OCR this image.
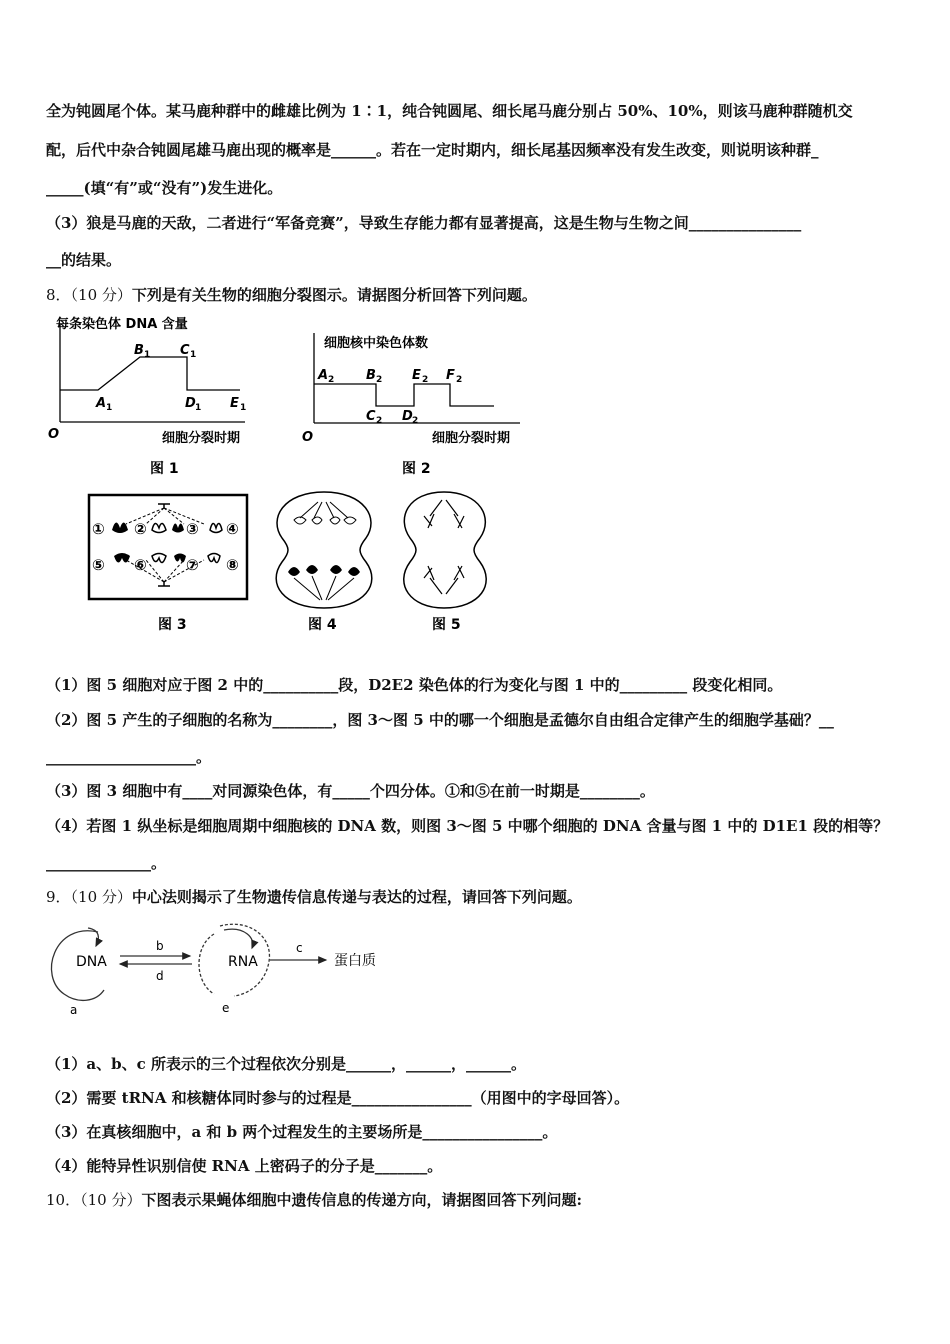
全为钝圆尾个体。某马鹿种群中的雌雄比例为 1∶1，纯合钝圆尾、细长尾马鹿分别占 50%、10%，则该马鹿种群随机交
配，后代中杂合钝圆尾雄马鹿出现的概率是______。若在一定时期内，细长尾基因频率没有发生改变，则说明该种群_
_____(填“有”或“没有”)发生进化。
（3）狼是马鹿的天敌，二者进行“军备竞赛”，导致生存能力都有显著提高，这是生物与生物之间_______________
__的结果。
8．（10 分）下列是有关生物的细胞分裂图示。请据图分析回答下列问题。
每条染色体 DNA 含量
A 1
B 1 C 1
D 1 E 1
O	细胞分裂时期
图 1
细胞核中染色体数
A 2 B 2
C 2 D 2
E 2 F 2
O	细胞分裂时期
图 2
① ②	③ ④
⑤ ⑥	⑦ ⑧
图 3	图 4	图 5
（1）图 5 细胞对应于图 2 中的__________段，D2E2 染色体的行为变化与图 1 中的_________ 段变化相同。
（2）图 5 产生的子细胞的名称为________，图 3～图 5 中的哪一个细胞是孟德尔自由组合定律产生的细胞学基础？__
____________________。
（3）图 3 细胞中有____对同源染色体，有_____个四分体。①和⑤在前一时期是________。
（4）若图 1 纵坐标是细胞周期中细胞核的 DNA 数，则图 3～图 5 中哪个细胞的 DNA 含量与图 1 中的 D1E1 段的相等？
______________。
9．（10 分）中心法则揭示了生物遗传信息传递与表达的过程，请回答下列问题。
DNA
a
b
d
RNA
e
c
蛋白质
（1）a、b、c 所表示的三个过程依次分别是______，______，______。
（2）需要 tRNA 和核糖体同时参与的过程是________________（用图中的字母回答）。
（3）在真核细胞中，a 和 b 两个过程发生的主要场所是________________。
（4）能特异性识别信使 RNA 上密码子的分子是_______。
10．（10 分）下图表示果蝇体细胞中遗传信息的传递方向，请据图回答下列问题:
